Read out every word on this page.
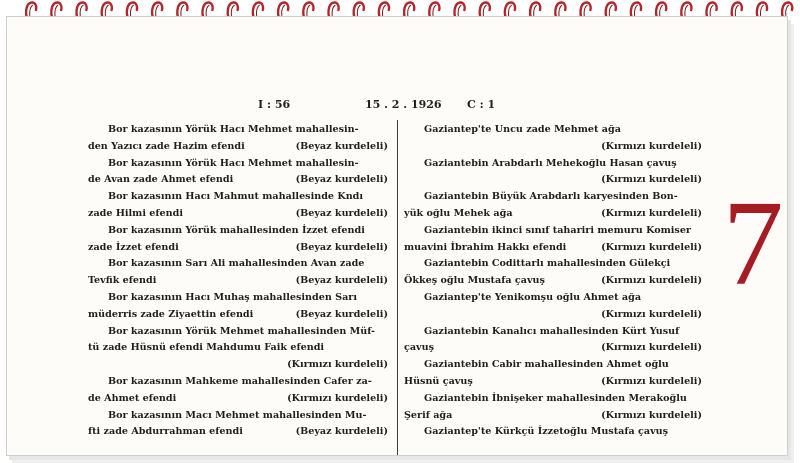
I : 56	15 . 2 . 1926 C : 1
Bor kazasının Yörük Hacı Mehmet mahallesin-
den Yazıcı zade Hazim efendi	(Beyaz kurdeleli)
Bor kazasının Yörük Hacı Mehmet mahallesin-
de Avan zade Ahmet efendi	(Beyaz kurdeleli)
Bor kazasının Hacı Mahmut mahallesinde Kndı
zade Hilmi efendi	(Beyaz kurdeleli)
Bor kazasının Yörük mahallesinden İzzet efendi
zade İzzet efendi	(Beyaz kurdeleli)
Bor kazasının Sarı Ali mahallesinden Avan zade
Tevfik efendi	(Beyaz kurdeleli)
Bor kazasının Hacı Muhaş mahallesinden Sarı
müderris zade Ziyaettin efendi	(Beyaz kurdeleli)
Bor kazasının Yörük Mehmet mahallesinden Müf-
tü zade Hüsnü efendi Mahdumu Faik efendi
(Kırmızı kurdeleli)
Bor kazasının Mahkeme mahallesinden Cafer za-
de Ahmet efendi	(Kırmızı kurdeleli)
Bor kazasının Macı Mehmet mahallesinden Mu-
fti zade Abdurrahman efendi	(Beyaz kurdeleli)
Gaziantep'te Uncu zade Mehmet ağa
(Kırmızı kurdeleli)
Gaziantebin Arabdarlı Mehekoğlu Hasan çavuş
(Kırmızı kurdeleli)
Gaziantebin Büyük Arabdarlı karyesinden Bon-
yük oğlu Mehek ağa	(Kırmızı kurdeleli)
Gaziantebin ikinci sınıf tahariri memuru Komiser
muavini İbrahim Hakkı efendi	(Kırmızı kurdeleli)
Gaziantebin Codittarlı mahallesinden Gülekçi
Ökkeş oğlu Mustafa çavuş	(Kırmızı kurdeleli)
Gaziantep'te Yenikomşu oğlu Ahmet ağa
(Kırmızı kurdeleli)
Gaziantebin Kanalıcı mahallesinden Kürt Yusuf
çavuş	(Kırmızı kurdeleli)
Gaziantebin Cabir mahallesinden Ahmet oğlu
Hüsnü çavuş	(Kırmızı kurdeleli)
Gaziantebin İbnişeker mahallesinden Merakoğlu
Şerif ağa	(Kırmızı kurdeleli)
Gaziantep'te Kürkçü İzzetoğlu Mustafa çavuş
7
